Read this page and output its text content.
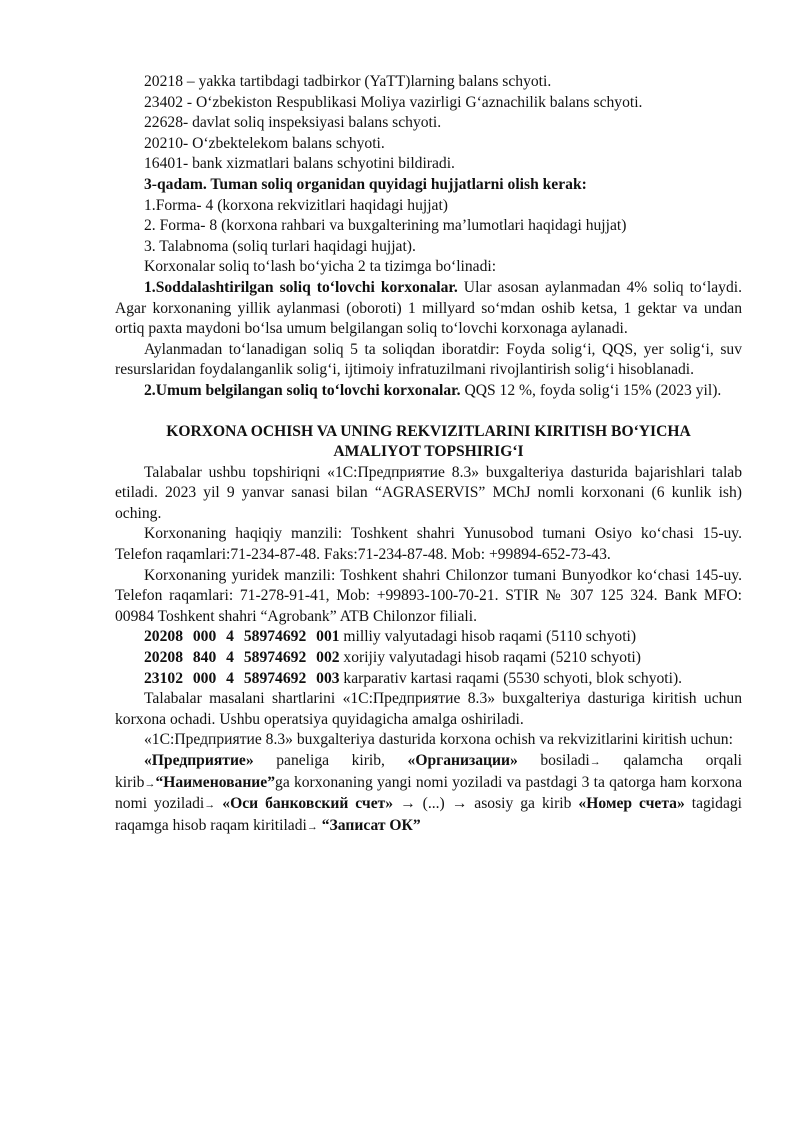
20218 – yakka tartibdagi tadbirkor (YaTT)larning balans schyoti.

23402 - O‘zbekiston Respublikasi Moliya vazirligi G‘aznachilik balans schyoti.

22628- davlat soliq inspeksiyasi balans schyoti.

20210- O‘zbektelekom balans schyoti.

16401- bank xizmatlari balans schyotini bildiradi.

3-qadam. Tuman soliq organidan quyidagi hujjatlarni olish kerak:

1.Forma- 4 (korxona rekvizitlari haqidagi hujjat)

2. Forma- 8 (korxona rahbari va buxgalterining ma’lumotlari haqidagi hujjat)

3. Talabnoma (soliq turlari haqidagi hujjat).

Korxonalar soliq to‘lash bo‘yicha 2 ta tizimga bo‘linadi:

1.Soddalashtirilgan soliq to‘lovchi korxonalar. Ular asosan aylanmadan 4% soliq to‘laydi. Agar korxonaning yillik aylanmasi (oboroti) 1 millyard so‘mdan oshib ketsa, 1 gektar va undan ortiq paxta maydoni bo‘lsa umum belgilangan soliq to‘lovchi korxonaga aylanadi.

Aylanmadan to‘lanadigan soliq 5 ta soliqdan iboratdir: Foyda solig‘i, QQS, yer solig‘i, suv resurslaridan foydalanganlik solig‘i, ijtimoiy infratuzilmani rivojlantirish solig‘i hisoblanadi.

2.Umum belgilangan soliq to‘lovchi korxonalar. QQS 12 %, foyda solig‘i 15% (2023 yil).

KORXONA OCHISH VA UNING REKVIZITLARINI KIRITISH BO‘YICHA

AMALIYOT TOPSHIRIG‘I

Talabalar ushbu topshiriqni «1С:Предприятие 8.3» buxgalteriya dasturida bajarishlari talab etiladi. 2023 yil 9 yanvar sanasi bilan “AGRASERVIS” MChJ nomli korxonani (6 kunlik ish) oching.

Korxonaning haqiqiy manzili: Toshkent shahri Yunusobod tumani Osiyo ko‘chasi 15-uy. Telefon raqamlari:71-234-87-48. Faks:71-234-87-48. Mob: +99894-652-73-43.

Korxonaning yuridek manzili: Toshkent shahri Chilonzor tumani Bunyodkor ko‘chasi 145-uy. Telefon raqamlari: 71-278-91-41, Mob: +99893-100-70-21. STIR № 307 125 324. Bank MFO: 00984 Toshkent shahri “Agrobank” ATB Chilonzor filiali.

20208 000 4 58974692 001 milliy valyutadagi hisob raqami (5110 schyoti)

20208 840 4 58974692 002 xorijiy valyutadagi hisob raqami (5210 schyoti)

23102 000 4 58974692 003 karparativ kartasi raqami (5530 schyoti, blok schyoti).

Talabalar masalani shartlarini «1С:Предприятие 8.3» buxgalteriya dasturiga kiritish uchun korxona ochadi. Ushbu operatsiya quyidagicha amalga oshiriladi.

«1С:Предприятие 8.3» buxgalteriya dasturida korxona ochish va rekvizitlarini kiritish uchun:

«Предприятие» paneliga kirib, «Организации» bosiladi→ qalamcha orqali kirib→“Наименование”ga korxonaning yangi nomi yoziladi va pastdagi 3 ta qatorga ham korxona nomi yoziladi→ «Оси банковский счет» → (...) → asosiy ga kirib «Номер счета» tagidagi raqamga hisob raqam kiritiladi→ “Записат ОК”
